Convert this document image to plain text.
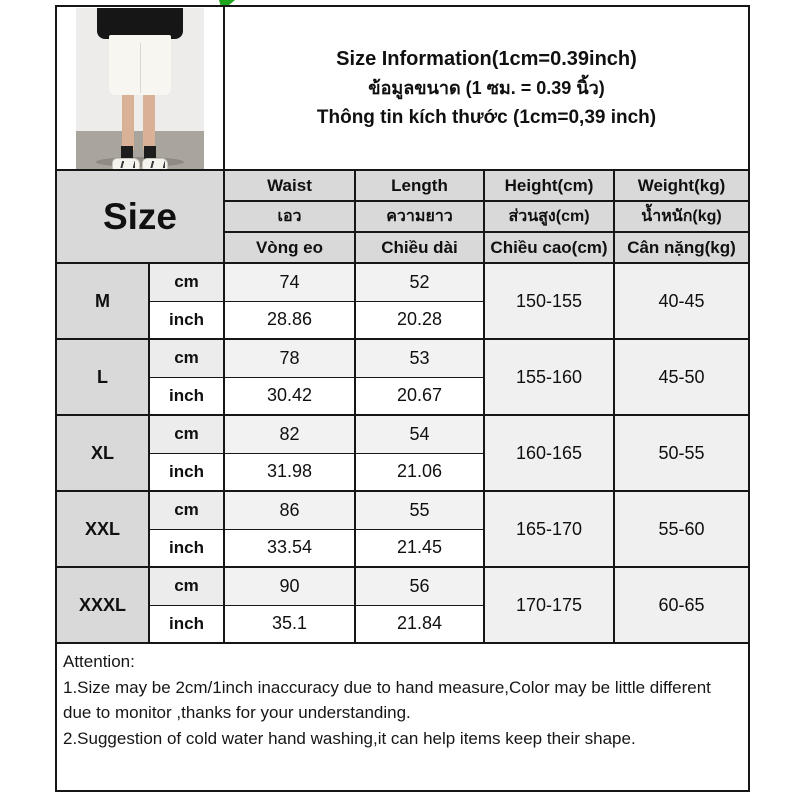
		Size Information(1cm=0.39inch)
ข้อมูลขนาด (1 ซม. = 0.39 นิ้ว)
Thông tin kích thước (1cm=0,39 inch)			

Size		Waist	Length	Height(cm)	Weight(kg)
		เอว	ความยาว	ส่วนสูง(cm)	น้ำหนัก(kg)
		Vòng eo	Chiều dài	Chiều cao(cm)	Cân nặng(kg)
M	cm	74	52	150-155	40-45
	inch	28.86	20.28		
L	cm	78	53	155-160	45-50
	inch	30.42	20.67		
XL	cm	82	54	160-165	50-55
	inch	31.98	21.06		
XXL	cm	86	55	165-170	55-60
	inch	33.54	21.45		
XXXL	cm	90	56	170-175	60-65
	inch	35.1	21.84		

Attention:
1.Size may be 2cm/1inch inaccuracy due to hand measure,Color may be little different due to monitor ,thanks for your understanding.
2.Suggestion of cold water hand washing,it can help items keep their shape.					
